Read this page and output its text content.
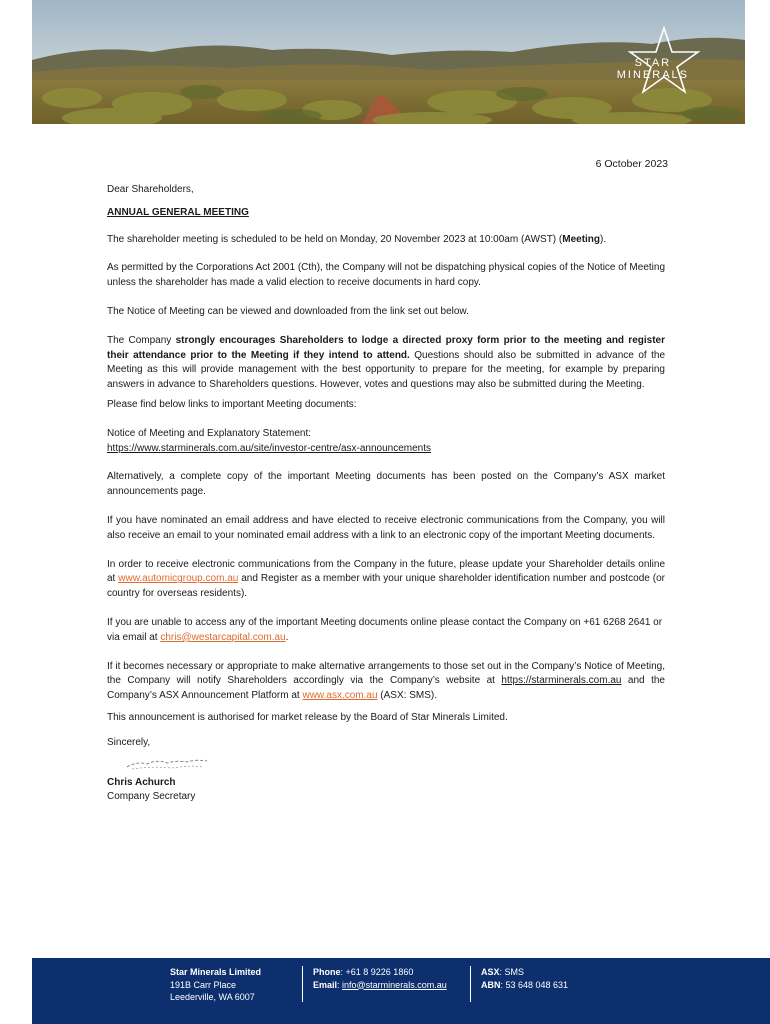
STAR
MINERALS
6 October 2023

Dear Shareholders,

ANNUAL GENERAL MEETING

The shareholder meeting is scheduled to be held on Monday, 20 November 2023 at 10:00am (AWST) (Meeting).

As permitted by the Corporations Act 2001 (Cth), the Company will not be dispatching physical copies of the Notice of Meeting unless the shareholder has made a valid election to receive documents in hard copy.

The Notice of Meeting can be viewed and downloaded from the link set out below.

The Company strongly encourages Shareholders to lodge a directed proxy form prior to the meeting and register their attendance prior to the Meeting if they intend to attend. Questions should also be submitted in advance of the Meeting as this will provide management with the best opportunity to prepare for the meeting, for example by preparing answers in advance to Shareholders questions. However, votes and questions may also be submitted during the Meeting.

Please find below links to important Meeting documents:

Notice of Meeting and Explanatory Statement:
https://www.starminerals.com.au/site/investor-centre/asx-announcements

Alternatively, a complete copy of the important Meeting documents has been posted on the Company’s ASX market announcements page.

If you have nominated an email address and have elected to receive electronic communications from the Company, you will also receive an email to your nominated email address with a link to an electronic copy of the important Meeting documents.

In order to receive electronic communications from the Company in the future, please update your Shareholder details online at www.automicgroup.com.au and Register as a member with your unique shareholder identification number and postcode (or country for overseas residents).

If you are unable to access any of the important Meeting documents online please contact the Company on +61 6268 2641 or via email at chris@westarcapital.com.au.

If it becomes necessary or appropriate to make alternative arrangements to those set out in the Company’s Notice of Meeting, the Company will notify Shareholders accordingly via the Company’s website at https://starminerals.com.au and the Company’s ASX Announcement Platform at www.asx.com.au (ASX: SMS).

This announcement is authorised for market release by the Board of Star Minerals Limited.

Sincerely,

Chris Achurch

Company Secretary

Star Minerals Limited
191B Carr Place
Leederville, WA 6007
Phone: +61 8 9226 1860
Email: info@starminerals.com.au
ASX: SMS
ABN: 53 648 048 631
